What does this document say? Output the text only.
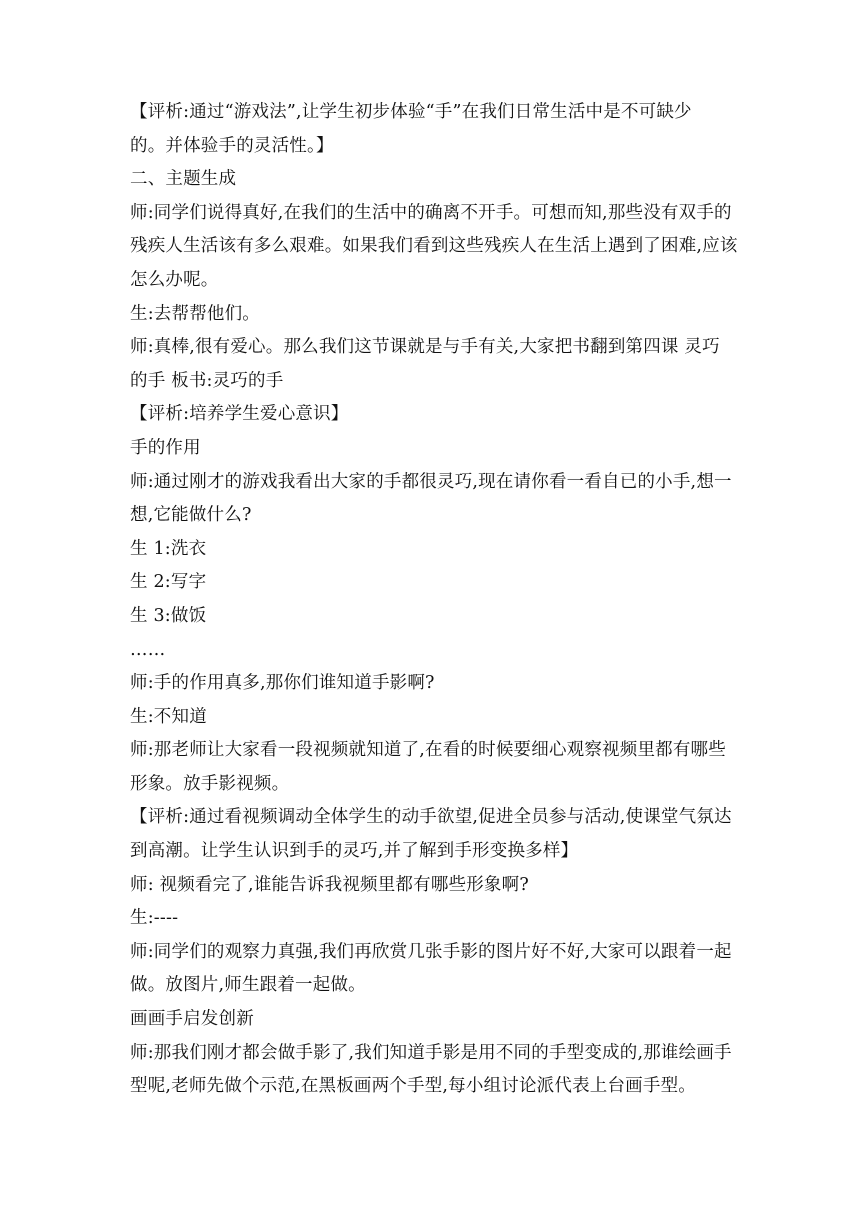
【评析:通过“游戏法”,让学生初步体验“手”在我们日常生活中是不可缺少

的。并体验手的灵活性。】

二、主题生成

师:同学们说得真好,在我们的生活中的确离不开手。可想而知,那些没有双手的

残疾人生活该有多么艰难。如果我们看到这些残疾人在生活上遇到了困难,应该

怎么办呢。

生:去帮帮他们。

师:真棒,很有爱心。那么我们这节课就是与手有关,大家把书翻到第四课 灵巧

的手 板书:灵巧的手

【评析:培养学生爱心意识】

手的作用

师:通过刚才的游戏我看出大家的手都很灵巧,现在请你看一看自已的小手,想一

想,它能做什么?

生 1:洗衣

生 2:写字

生 3:做饭

……

师:手的作用真多,那你们谁知道手影啊?

生:不知道

师:那老师让大家看一段视频就知道了,在看的时候要细心观察视频里都有哪些

形象。放手影视频。

【评析:通过看视频调动全体学生的动手欲望,促进全员参与活动,使课堂气氛达

到高潮。让学生认识到手的灵巧,并了解到手形变换多样】

师: 视频看完了,谁能告诉我视频里都有哪些形象啊?

生:----

师:同学们的观察力真强,我们再欣赏几张手影的图片好不好,大家可以跟着一起

做。放图片,师生跟着一起做。

画画手启发创新

师:那我们刚才都会做手影了,我们知道手影是用不同的手型变成的,那谁绘画手

型呢,老师先做个示范,在黑板画两个手型,每小组讨论派代表上台画手型。
